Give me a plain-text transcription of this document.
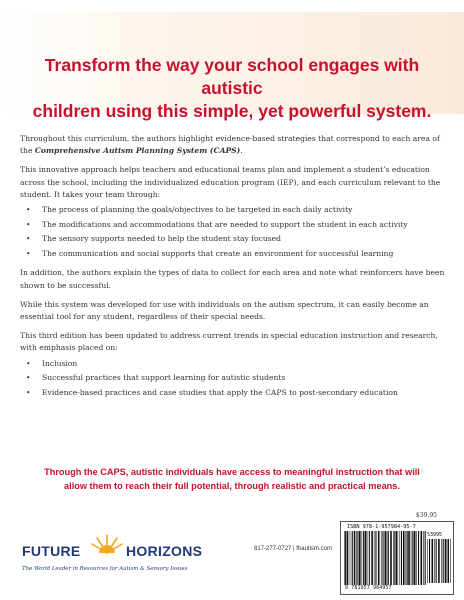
Transform the way your school engages with autistic
children using this simple, yet powerful system.

Throughout this curriculum, the authors highlight evidence-based strategies that correspond to each area of the Comprehensive Autism Planning System (CAPS).

This innovative approach helps teachers and educational teams plan and implement a student’s education across the school, including the individualized education program (IEP), and each curriculum relevant to the student. It takes your team through:

• The process of planning the goals/objectives to be targeted in each daily activity
• The modifications and accommodations that are needed to support the student in each activity
• The sensory supports needed to help the student stay focused
• The communication and social supports that create an environment for successful learning

In addition, the authors explain the types of data to collect for each area and note what reinforcers have been shown to be successful.

While this system was developed for use with individuals on the autism spectrum, it can easily become an essential tool for any student, regardless of their special needs.

This third edition has been updated to address current trends in special education instruction and research, with emphasis placed on:

• Inclusion
• Successful practices that support learning for autistic students
• Evidence-based practices and case studies that apply the CAPS to post-secondary education
Through the CAPS, autistic individuals have access to meaningful instruction that will
allow them to reach their full potential, through realistic and practical means.
FUTURE	HORIZONS
The World Leader in Resources for Autism & Sensory Issues
817-277-0727 | fhautism.com
$39.95
ISBN 978-1-957984-95-7
53995
9 781957 984957
